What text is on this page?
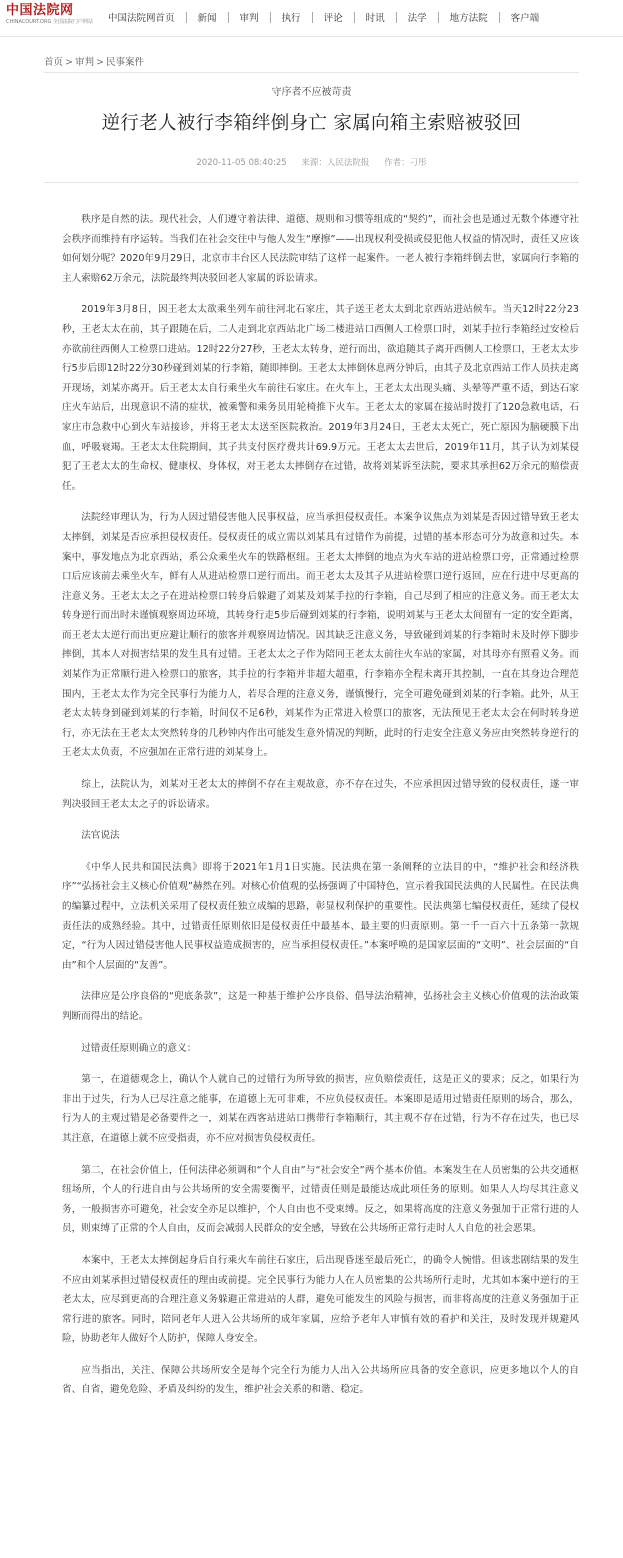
中国法院网
CHINACOURT.ORG 全国法院门户网站 中国法院网首页 新闻 审判 执行 评论 时讯 法学 地方法院 客户端
首页 > 审判 > 民事案件
守序者不应被苛责
逆行老人被行李箱绊倒身亡 家属向箱主索赔被驳回
2020-11-05 08:40:25 来源：人民法院报 作者：刁彤

秩序是自然的法。现代社会，人们遵守着法律、道德、规则和习惯等组成的“契约”，而社会也是通过无数个体遵守社会秩序而维持有序运转。当我们在社会交往中与他人发生“摩擦”——出现权利受损或侵犯他人权益的情况时，责任又应该如何划分呢？2020年9月29日，北京市丰台区人民法院审结了这样一起案件。一老人被行李箱绊倒去世，家属向行李箱的主人索赔62万余元，法院最终判决驳回老人家属的诉讼请求。

2019年3月8日，因王老太太欲乘坐列车前往河北石家庄，其子送王老太太到北京西站进站候车。当天12时22分23秒，王老太太在前，其子跟随在后，二人走到北京西站北广场二楼进站口西侧人工检票口时，刘某手拉行李箱经过安检后亦欲前往西侧人工检票口进站。12时22分27秒，王老太太转身，逆行而出，欲追随其子离开西侧人工检票口，王老太太步行5步后即12时22分30秒碰到刘某的行李箱，随即摔倒。王老太太摔倒休息两分钟后，由其子及北京西站工作人员扶走离开现场，刘某亦离开。后王老太太自行乘坐火车前往石家庄。在火车上，王老太太出现头痛、头晕等严重不适，到达石家庄火车站后，出现意识不清的症状，被乘警和乘务员用轮椅推下火车。王老太太的家属在接站时拨打了120急救电话，石家庄市急救中心到火车站接诊，并将王老太太送至医院救治。2019年3月24日，王老太太死亡，死亡原因为脑硬膜下出血，呼吸衰竭。王老太太住院期间，其子共支付医疗费共计69.9万元。王老太太去世后，2019年11月，其子认为刘某侵犯了王老太太的生命权、健康权、身体权，对王老太太摔倒存在过错，故将刘某诉至法院，要求其承担62万余元的赔偿责任。

法院经审理认为，行为人因过错侵害他人民事权益，应当承担侵权责任。本案争议焦点为刘某是否因过错导致王老太太摔倒，刘某是否应承担侵权责任。侵权责任的成立需以刘某具有过错作为前提，过错的基本形态可分为故意和过失。本案中，事发地点为北京西站，系公众乘坐火车的铁路枢纽。王老太太摔倒的地点为火车站的进站检票口旁，正常通过检票口后应该前去乘坐火车，鲜有人从进站检票口逆行而出。而王老太太及其子从进站检票口逆行返回，应在行进中尽更高的注意义务。王老太太之子在进站检票口转身后躲避了刘某及刘某手拉的行李箱，自己尽到了相应的注意义务。而王老太太转身逆行而出时未谨慎观察周边环境，其转身行走5步后碰到刘某的行李箱，说明刘某与王老太太间留有一定的安全距离，而王老太太逆行而出更应避让顺行的旅客并观察周边情况。因其缺乏注意义务，导致碰到刘某的行李箱时未及时停下脚步摔倒，其本人对损害结果的发生具有过错。王老太太之子作为陪同王老太太前往火车站的家属，对其母亦有照看义务。而刘某作为正常顺行进入检票口的旅客，其手拉的行李箱并非超大超重，行李箱亦全程未离开其控制，一直在其身边合理范围内，王老太太作为完全民事行为能力人，若尽合理的注意义务，谨慎慢行，完全可避免碰到刘某的行李箱。此外，从王老太太转身到碰到刘某的行李箱，时间仅不足6秒，刘某作为正常进入检票口的旅客，无法预见王老太太会在何时转身逆行，亦无法在王老太太突然转身的几秒钟内作出可能发生意外情况的判断，此时的行走安全注意义务应由突然转身逆行的王老太太负责，不应强加在正常行进的刘某身上。

综上，法院认为，刘某对王老太太的摔倒不存在主观故意，亦不存在过失，不应承担因过错导致的侵权责任，遂一审判决驳回王老太太之子的诉讼请求。

法官说法

《中华人民共和国民法典》即将于2021年1月1日实施。民法典在第一条阐释的立法目的中，“维护社会和经济秩序”“弘扬社会主义核心价值观”赫然在列。对核心价值观的弘扬强调了中国特色，宣示着我国民法典的人民属性。在民法典的编纂过程中，立法机关采用了侵权责任独立成编的思路，彰显权利保护的重要性。民法典第七编侵权责任，延续了侵权责任法的成熟经验。其中，过错责任原则依旧是侵权责任中最基本、最主要的归责原则。第一千一百六十五条第一款规定，“行为人因过错侵害他人民事权益造成损害的，应当承担侵权责任。”本案呼唤的是国家层面的“文明”、社会层面的“自由”和个人层面的“友善”。

法律应是公序良俗的“兜底条款”，这是一种基于维护公序良俗、倡导法治精神，弘扬社会主义核心价值观的法治政策判断而得出的结论。

过错责任原则确立的意义：

第一，在道德观念上，确认个人就自己的过错行为所导致的损害，应负赔偿责任，这是正义的要求；反之，如果行为非出于过失，行为人已尽注意之能事，在道德上无可非难，不应负侵权责任。本案即是适用过错责任原则的场合，那么，行为人的主观过错是必备要件之一，刘某在西客站进站口携带行李箱顺行，其主观不存在过错，行为不存在过失，也已尽其注意，在道德上就不应受指责，亦不应对损害负侵权责任。

第二，在社会价值上，任何法律必须调和“个人自由”与“社会安全”两个基本价值。本案发生在人员密集的公共交通枢纽场所，个人的行进自由与公共场所的安全需要衡平，过错责任则是最能达成此项任务的原则。如果人人均尽其注意义务，一般损害亦可避免，社会安全亦足以维护，个人自由也不受束缚。反之，如果将高度的注意义务强加于正常行进的人员，则束缚了正常的个人自由，反而会减弱人民群众的安全感，导致在公共场所正常行走时人人自危的社会恶果。

本案中，王老太太摔倒起身后自行乘火车前往石家庄，后出现昏迷至最后死亡，的确令人惋惜。但该悲剧结果的发生不应由刘某承担过错侵权责任的理由或前提。完全民事行为能力人在人员密集的公共场所行走时，尤其如本案中逆行的王老太太，应尽到更高的合理注意义务躲避正常进站的人群，避免可能发生的风险与损害，而非将高度的注意义务强加于正常行进的旅客。同时，陪同老年人进入公共场所的成年家属，应给予老年人审慎有效的看护和关注，及时发现并规避风险，协助老年人做好个人防护，保障人身安全。

应当指出，关注、保障公共场所安全是每个完全行为能力人出入公共场所应具备的安全意识，应更多地以个人的自省、自省，避免危险、矛盾及纠纷的发生，维护社会关系的和谐、稳定。
